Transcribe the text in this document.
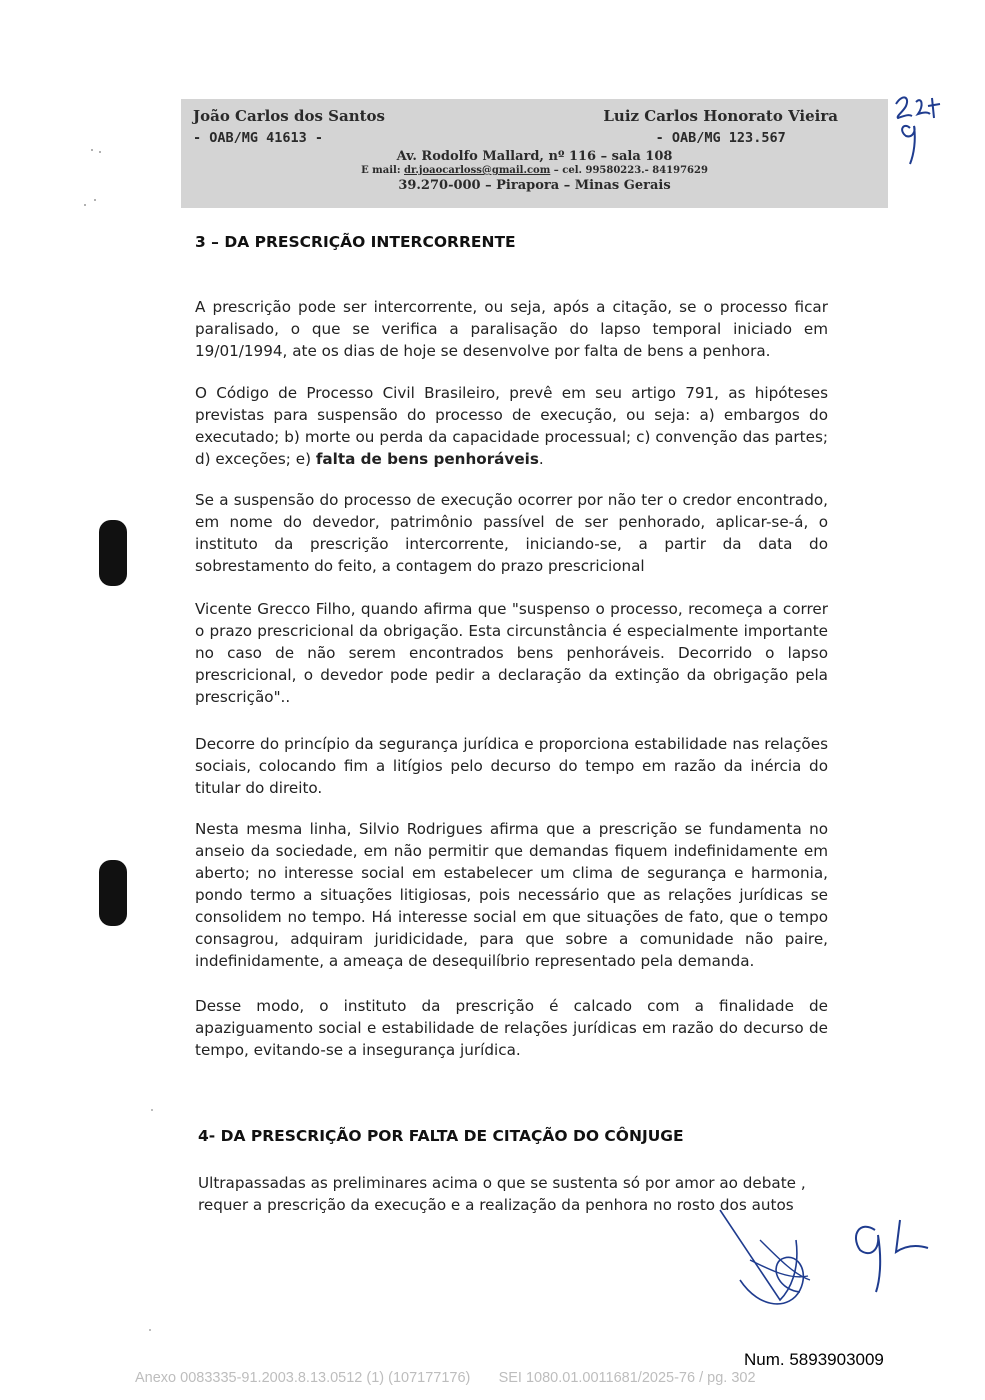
João Carlos dos Santos
- OAB/MG 41613 -
Luiz Carlos Honorato Vieira
- OAB/MG 123.567
Av. Rodolfo Mallard, nº 116 – sala 108
E mail: dr.joaocarloss@gmail.com – cel. 99580223.- 84197629
39.270-000 – Pirapora – Minas Gerais
3 – DA PRESCRIÇÃO INTERCORRENTE
A prescrição pode ser intercorrente, ou seja, após a citação, se o processo ficar paralisado, o que se verifica a paralisação do lapso temporal iniciado em 19/01/1994, ate os dias de hoje se desenvolve por falta de bens a penhora.
O Código de Processo Civil Brasileiro, prevê em seu artigo 791, as hipóteses previstas para suspensão do processo de execução, ou seja: a) embargos do executado; b) morte ou perda da capacidade processual; c) convenção das partes; d) exceções; e) falta de bens penhoráveis.
Se a suspensão do processo de execução ocorrer por não ter o credor encontrado, em nome do devedor, patrimônio passível de ser penhorado, aplicar-se-á, o instituto da prescrição intercorrente, iniciando-se, a partir da data do sobrestamento do feito, a contagem do prazo prescricional
Vicente Grecco Filho, quando afirma que "suspenso o processo, recomeça a correr o prazo prescricional da obrigação. Esta circunstância é especialmente importante no caso de não serem encontrados bens penhoráveis. Decorrido o lapso prescricional, o devedor pode pedir a declaração da extinção da obrigação pela prescrição"..
Decorre do princípio da segurança jurídica e proporciona estabilidade nas relações sociais, colocando fim a litígios pelo decurso do tempo em razão da inércia do titular do direito.
Nesta mesma linha, Silvio Rodrigues afirma que a prescrição se fundamenta no anseio da sociedade, em não permitir que demandas fiquem indefinidamente em aberto; no interesse social em estabelecer um clima de segurança e harmonia, pondo termo a situações litigiosas, pois necessário que as relações jurídicas se consolidem no tempo. Há interesse social em que situações de fato, que o tempo consagrou, adquiram juridicidade, para que sobre a comunidade não paire, indefinidamente, a ameaça de desequilíbrio representado pela demanda.
Desse modo, o instituto da prescrição é calcado com a finalidade de apaziguamento social e estabilidade de relações jurídicas em razão do decurso de tempo, evitando-se a insegurança jurídica.
4- DA PRESCRIÇÃO POR FALTA DE CITAÇÃO DO CÔNJUGE
Ultrapassadas as preliminares acima o que se sustenta só por amor ao debate , requer a prescrição da execução e a realização da penhora no rosto dos autos
Num. 5893903009
Anexo 0083335-91.2003.8.13.0512 (1) (107177176)       SEI 1080.01.0011681/2025-76 / pg. 302
